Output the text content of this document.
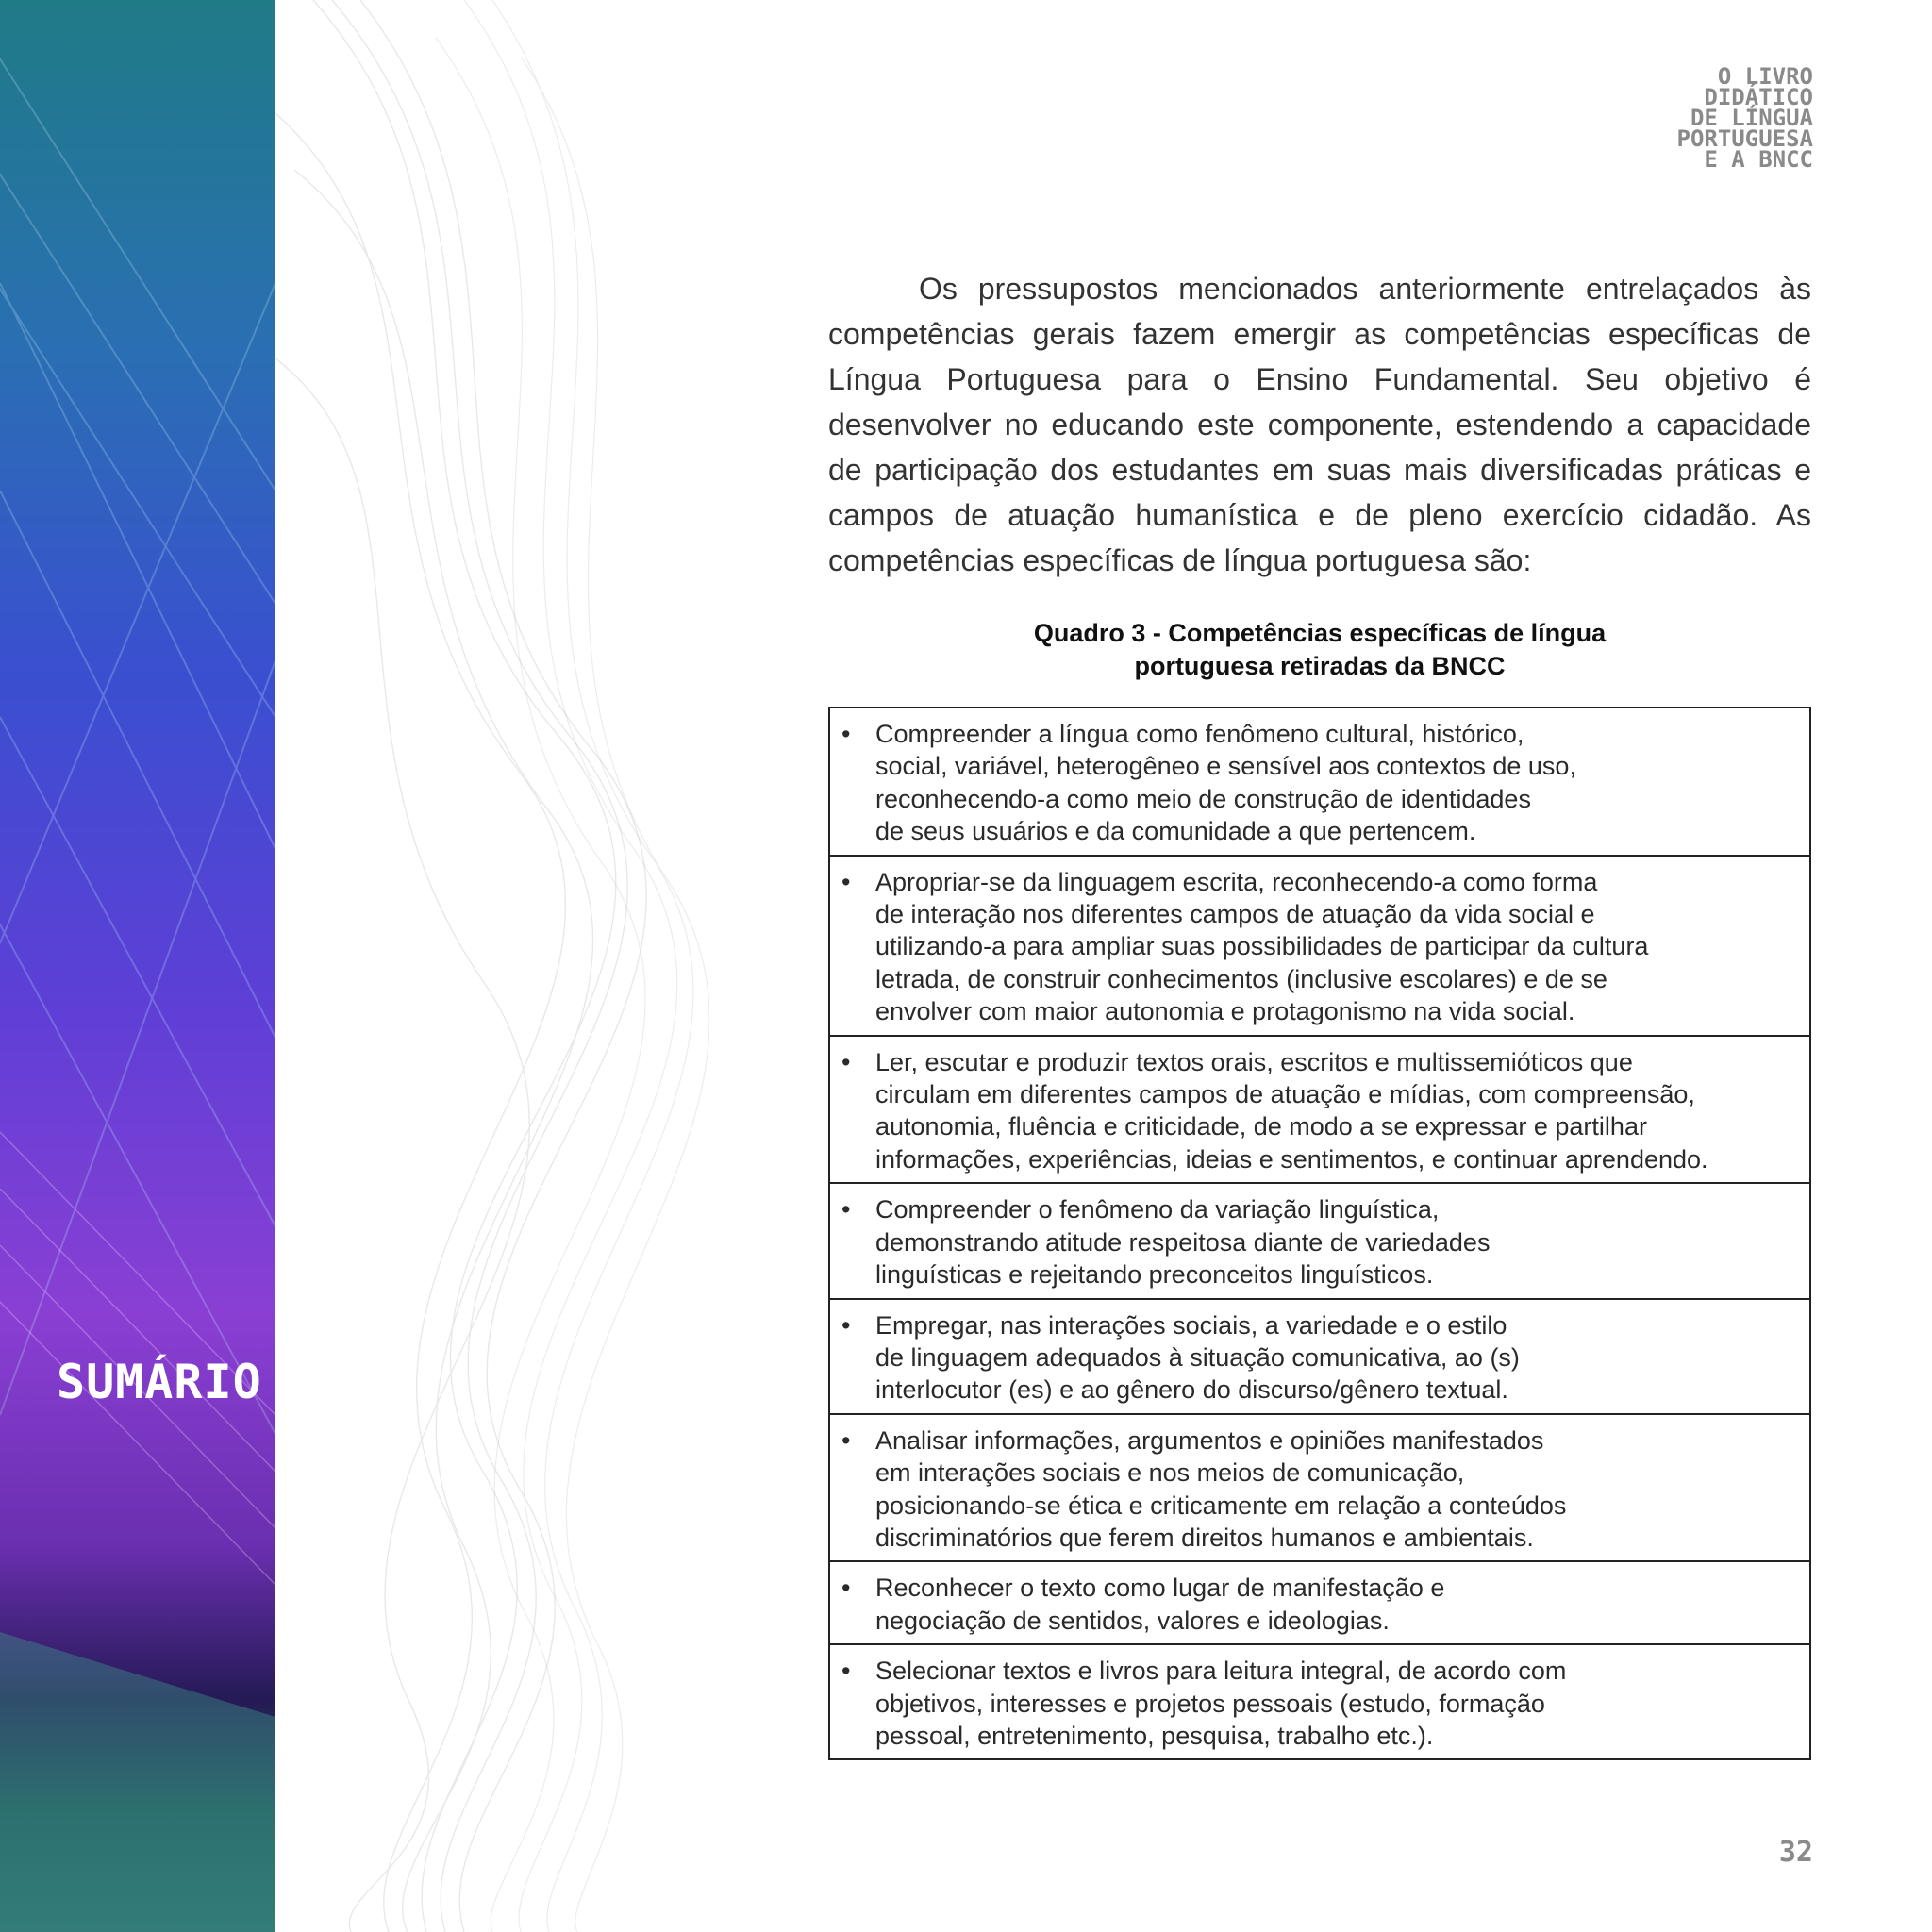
SUMÁRIO
O LIVRO
DIDÁTICO
DE LÍNGUA
PORTUGUESA
E A BNCC

Os pressupostos mencionados anteriormente entrelaçados às competências gerais fazem emergir as competências específicas de Língua Portuguesa para o Ensino Fundamental. Seu objetivo é desenvolver no educando este componente, estendendo a capacidade de participação dos estudantes em suas mais diversificadas práticas e campos de atuação humanística e de pleno exercício cidadão. As competências específicas de língua portuguesa são:

Quadro 3 - Competências específicas de língua
portuguesa retiradas da BNCC
• Compreender a língua como fenômeno cultural, histórico,
social, variável, heterogêneo e sensível aos contextos de uso,
reconhecendo-a como meio de construção de identidades
de seus usuários e da comunidade a que pertencem.

• Apropriar-se da linguagem escrita, reconhecendo-a como forma
de interação nos diferentes campos de atuação da vida social e
utilizando-a para ampliar suas possibilidades de participar da cultura
letrada, de construir conhecimentos (inclusive escolares) e de se
envolver com maior autonomia e protagonismo na vida social.

• Ler, escutar e produzir textos orais, escritos e multissemióticos que
circulam em diferentes campos de atuação e mídias, com compreensão,
autonomia, fluência e criticidade, de modo a se expressar e partilhar
informações, experiências, ideias e sentimentos, e continuar aprendendo.

• Compreender o fenômeno da variação linguística,
demonstrando atitude respeitosa diante de variedades
linguísticas e rejeitando preconceitos linguísticos.

• Empregar, nas interações sociais, a variedade e o estilo
de linguagem adequados à situação comunicativa, ao (s)
interlocutor (es) e ao gênero do discurso/gênero textual.

• Analisar informações, argumentos e opiniões manifestados
em interações sociais e nos meios de comunicação,
posicionando-se ética e criticamente em relação a conteúdos
discriminatórios que ferem direitos humanos e ambientais.

• Reconhecer o texto como lugar de manifestação e
negociação de sentidos, valores e ideologias.

• Selecionar textos e livros para leitura integral, de acordo com
objetivos, interesses e projetos pessoais (estudo, formação
pessoal, entretenimento, pesquisa, trabalho etc.).
32
